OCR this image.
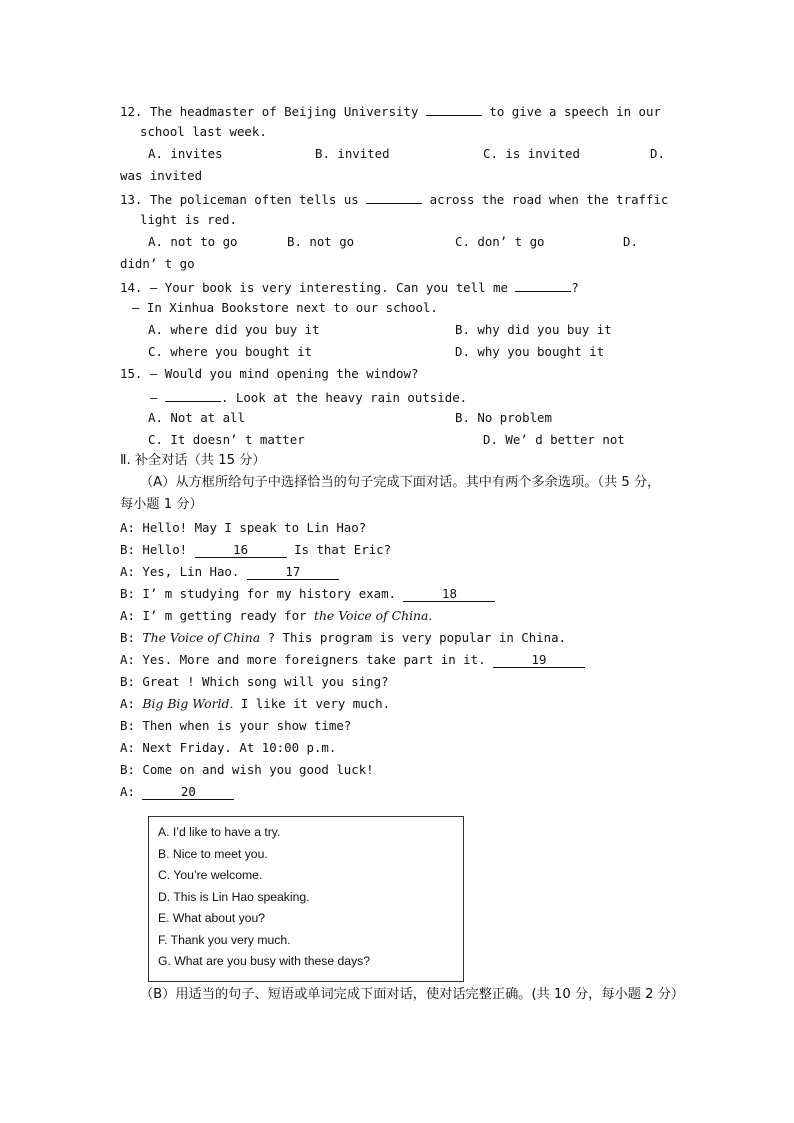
12. The headmaster of Beijing University	to give a speech in our
school last week.
A. invites	B. invited	C. is invited	D.
was invited
13. The policeman often tells us	across the road when the traffic
light is red.
A. not to go	B. not go	C. don’ t go	D.
didn’ t go
14. – Your book is very interesting. Can you tell me	?
– In Xinhua Bookstore next to our school.
A. where did you buy it	B. why did you buy it
C. where you bought it	D. why you bought it
15. – Would you mind opening the window?
–	. Look at the heavy rain outside.
A. Not at all	B. No problem
C. It doesn’ t matter	D. We’ d better not
Ⅱ. 补全对话（共 15 分）
（A）从方框所给句子中选择恰当的句子完成下面对话。其中有两个多余选项。（共 5 分，
每小题 1 分）
A: Hello! May I speak to Lin Hao?
B: Hello!	16	Is that Eric?
A: Yes, Lin Hao.	17
B: I’ m studying for my history exam.	18
A: I’ m getting ready for the Voice of China.
B: The Voice of China ? This program is very popular in China.
A: Yes. More and more foreigners take part in it.	19
B: Great ! Which song will you sing?
A: Big Big World. I like it very much.
B: Then when is your show time?
A: Next Friday. At 10:00 p.m.
B: Come on and wish you good luck!
A:	20
A. I’d like to have a try.
B. Nice to meet you.
C. You’re welcome.
D. This is Lin Hao speaking.
E. What about you?
F. Thank you very much.
G. What are you busy with these days?
（B）用适当的句子、短语或单词完成下面对话，使对话完整正确。(共 10 分，每小题 2 分）
